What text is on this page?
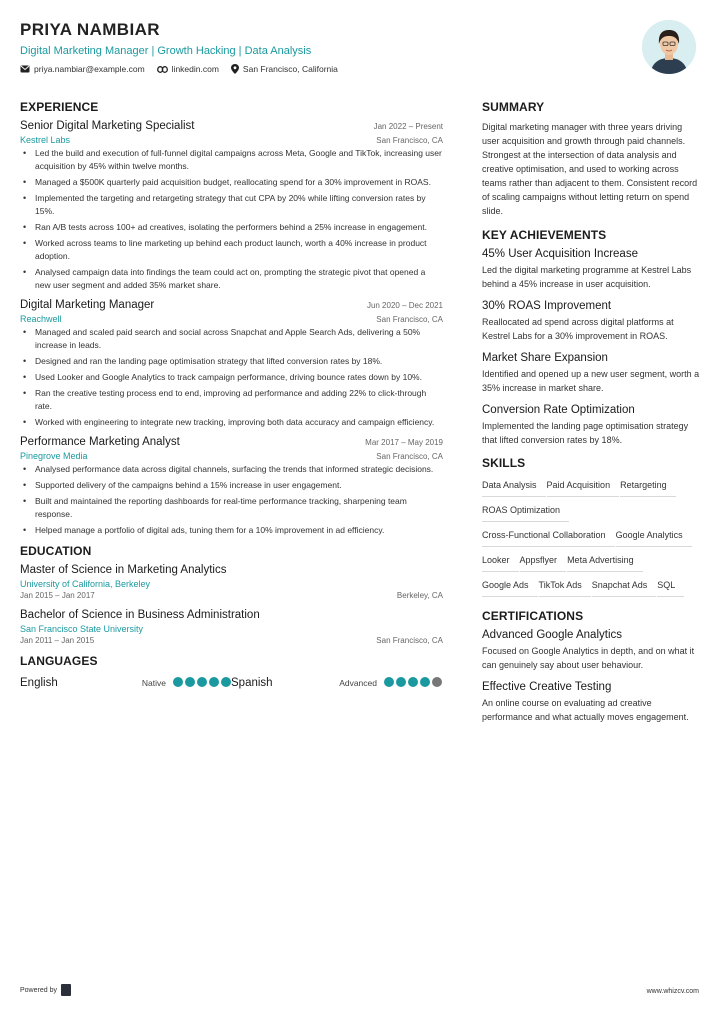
PRIYA NAMBIAR
Digital Marketing Manager | Growth Hacking | Data Analysis
priya.nambiar@example.com	linkedin.com	San Francisco, California
EXPERIENCE
Senior Digital Marketing Specialist	Jan 2022 – Present
Kestrel Labs	San Francisco, CA
• Led the build and execution of full-funnel digital campaigns across Meta, Google and TikTok, increasing user acquisition by 45% within twelve months.
• Managed a $500K quarterly paid acquisition budget, reallocating spend for a 30% improvement in ROAS.
• Implemented the targeting and retargeting strategy that cut CPA by 20% while lifting conversion rates by 15%.
• Ran A/B tests across 100+ ad creatives, isolating the performers behind a 25% increase in engagement.
• Worked across teams to line marketing up behind each product launch, worth a 40% increase in product adoption.
• Analysed campaign data into findings the team could act on, prompting the strategic pivot that opened a new user segment and added 35% market share.
Digital Marketing Manager	Jun 2020 – Dec 2021
Reachwell	San Francisco, CA
• Managed and scaled paid search and social across Snapchat and Apple Search Ads, delivering a 50% increase in leads.
• Designed and ran the landing page optimisation strategy that lifted conversion rates by 18%.
• Used Looker and Google Analytics to track campaign performance, driving bounce rates down by 10%.
• Ran the creative testing process end to end, improving ad performance and adding 22% to click-through rate.
• Worked with engineering to integrate new tracking, improving both data accuracy and campaign efficiency.
Performance Marketing Analyst	Mar 2017 – May 2019
Pinegrove Media	San Francisco, CA
• Analysed performance data across digital channels, surfacing the trends that informed strategic decisions.
• Supported delivery of the campaigns behind a 15% increase in user engagement.
• Built and maintained the reporting dashboards for real-time performance tracking, sharpening team response.
• Helped manage a portfolio of digital ads, tuning them for a 10% improvement in ad efficiency.
EDUCATION
Master of Science in Marketing Analytics
University of California, Berkeley
Jan 2015 – Jan 2017	Berkeley, CA
Bachelor of Science in Business Administration
San Francisco State University
Jan 2011 – Jan 2015	San Francisco, CA
LANGUAGES
English	Native	Spanish	Advanced
SUMMARY
Digital marketing manager with three years driving user acquisition and growth through paid channels. Strongest at the intersection of data analysis and creative optimisation, and used to working across teams rather than adjacent to them. Consistent record of scaling campaigns without letting return on spend slide.
KEY ACHIEVEMENTS
45% User Acquisition Increase
Led the digital marketing programme at Kestrel Labs behind a 45% increase in user acquisition.
30% ROAS Improvement
Reallocated ad spend across digital platforms at Kestrel Labs for a 30% improvement in ROAS.
Market Share Expansion
Identified and opened up a new user segment, worth a 35% increase in market share.
Conversion Rate Optimization
Implemented the landing page optimisation strategy that lifted conversion rates by 18%.
SKILLS
Data Analysis	Paid Acquisition	Retargeting
ROAS Optimization
Cross-Functional Collaboration	Google Analytics
Looker	Appsflyer	Meta Advertising
Google Ads	TikTok Ads	Snapchat Ads	SQL
CERTIFICATIONS
Advanced Google Analytics
Focused on Google Analytics in depth, and on what it can genuinely say about user behaviour.
Effective Creative Testing
An online course on evaluating ad creative performance and what actually moves engagement.
Powered by	www.whizcv.com
